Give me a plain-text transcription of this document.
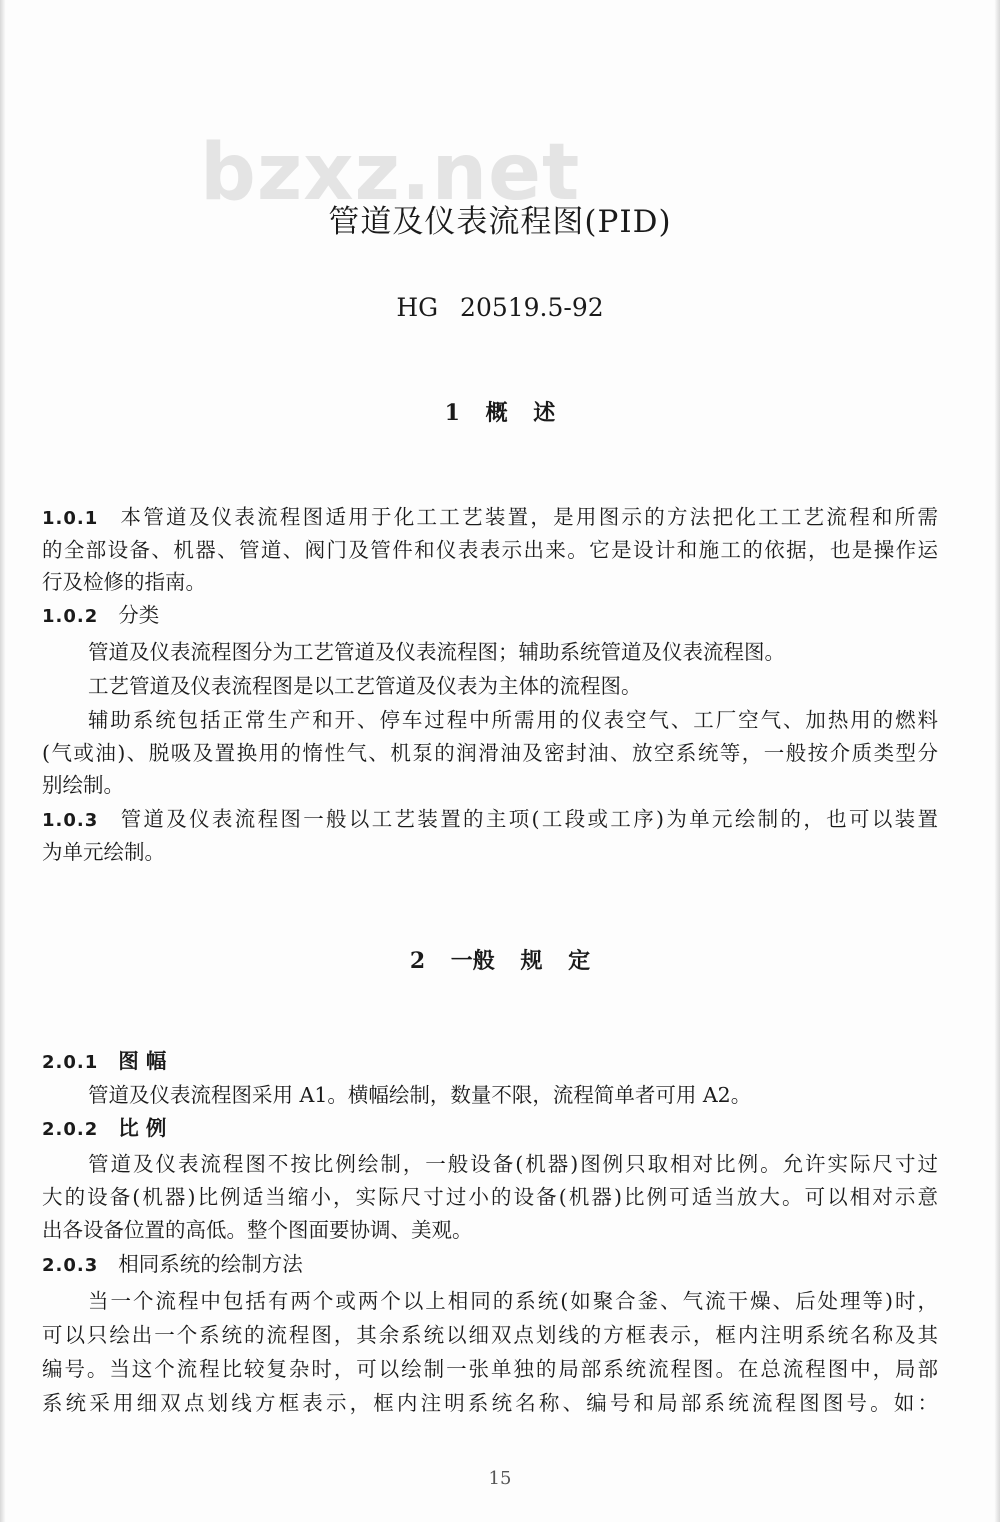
bzxz.net
管道及仪表流程图(PID)
HG 20519.5-92
1 概 述
1.0.1 本管道及仪表流程图适用于化工工艺装置，是用图示的方法把化工工艺流程和所需
的全部设备、机器、管道、阀门及管件和仪表表示出来。它是设计和施工的依据，也是操作运
行及检修的指南。
1.0.2 分类
管道及仪表流程图分为工艺管道及仪表流程图；辅助系统管道及仪表流程图。
工艺管道及仪表流程图是以工艺管道及仪表为主体的流程图。
辅助系统包括正常生产和开、停车过程中所需用的仪表空气、工厂空气、加热用的燃料
(气或油)、脱吸及置换用的惰性气、机泵的润滑油及密封油、放空系统等，一般按介质类型分
别绘制。
1.0.3 管道及仪表流程图一般以工艺装置的主项(工段或工序)为单元绘制的，也可以装置
为单元绘制。
2 一般 规 定
2.0.1 图 幅
管道及仪表流程图采用 A1。横幅绘制，数量不限，流程简单者可用 A2。
2.0.2 比 例
管道及仪表流程图不按比例绘制，一般设备(机器)图例只取相对比例。允许实际尺寸过
大的设备(机器)比例适当缩小，实际尺寸过小的设备(机器)比例可适当放大。可以相对示意
出各设备位置的高低。整个图面要协调、美观。
2.0.3 相同系统的绘制方法
当一个流程中包括有两个或两个以上相同的系统(如聚合釜、气流干燥、后处理等)时，
可以只绘出一个系统的流程图，其余系统以细双点划线的方框表示，框内注明系统名称及其
编号。当这个流程比较复杂时，可以绘制一张单独的局部系统流程图。在总流程图中，局部
系统采用细双点划线方框表示，框内注明系统名称、编号和局部系统流程图图号。如：
15
